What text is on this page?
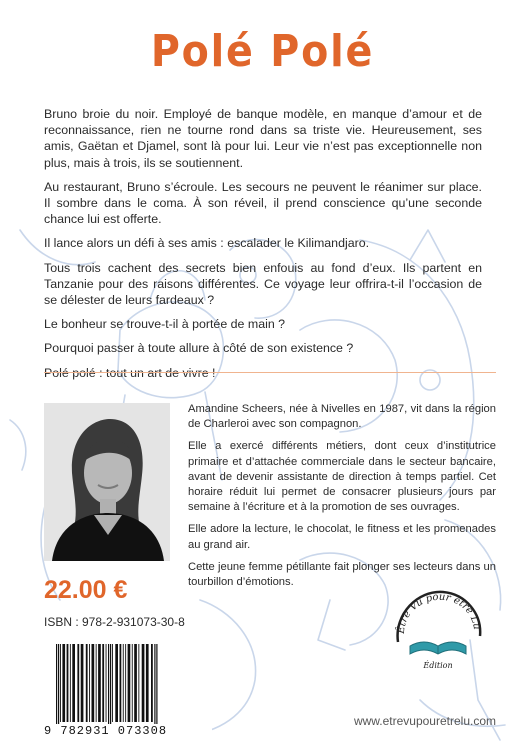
Polé Polé

Bruno broie du noir. Employé de banque modèle, en manque d’amour et de reconnaissance, rien ne tourne rond dans sa triste vie. Heureusement, ses amis, Gaëtan et Djamel, sont là pour lui. Leur vie n’est pas exceptionnelle non plus, mais à trois, ils se soutiennent.

Au restaurant, Bruno s’écroule. Les secours ne peuvent le réanimer sur place. Il sombre dans le coma. À son réveil, il prend conscience qu’une seconde chance lui est offerte.

Il lance alors un défi à ses amis : escalader le Kilimandjaro.

Tous trois cachent des secrets bien enfouis au fond d’eux. Ils partent en Tanzanie pour des raisons différentes. Ce voyage leur offrira-t-il l’occasion de se délester de leurs fardeaux ?

Le bonheur se trouve-t-il à portée de main ?

Pourquoi passer à toute allure à côté de son existence ?

Polé polé : tout un art de vivre !

Amandine Scheers, née à Nivelles en 1987, vit dans la région de Charleroi avec son compagnon.

Elle a exercé différents métiers, dont ceux d’institutrice primaire et d’attachée commerciale dans le secteur bancaire, avant de devenir assistante de direction à temps partiel. Cet horaire réduit lui permet de consacrer plusieurs jours par semaine à l’écriture et à la promotion de ses ouvrages.

Elle adore la lecture, le chocolat, le fitness et les promenades au grand air.

Cette jeune femme pétillante fait plonger ses lecteurs dans un tourbillon d’émotions.

22.00 €
ISBN : 978-2-931073-30-8
9 782931 073308
Être Vu pour être Lu
Édition
www.etrevupouretrelu.com
